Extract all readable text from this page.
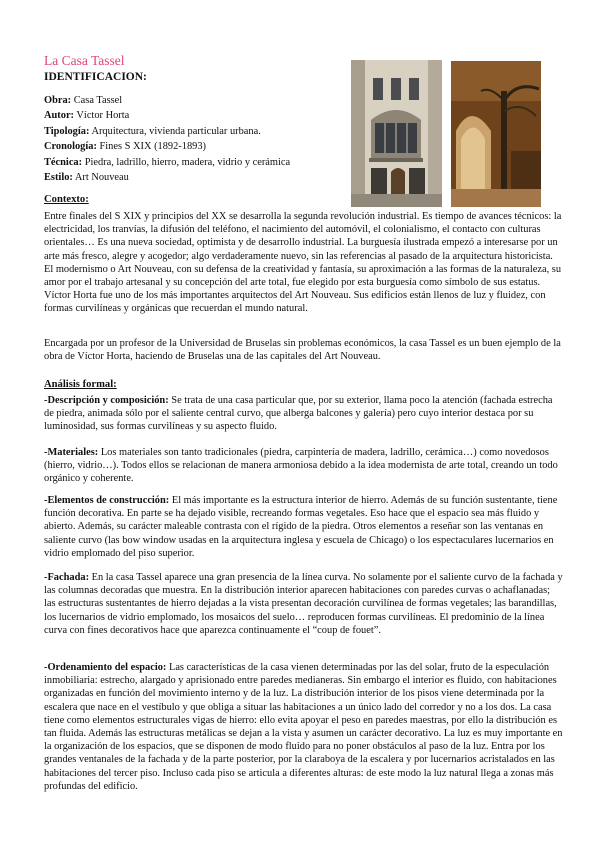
La Casa Tassel
IDENTIFICACION:
Obra: Casa Tassel
Autor: Víctor Horta
Tipología: Arquitectura, vivienda particular urbana.
Cronología: Fines S XIX (1892-1893)
Técnica: Piedra, ladrillo, hierro, madera, vidrio y cerámica
Estilo: Art Nouveau
Contexto:
Entre finales del S XIX y principios del XX se desarrolla la segunda revolución industrial. Es tiempo de avances técnicos: la electricidad, los tranvías, la difusión del teléfono, el nacimiento del automóvil, el colonialismo, el contacto con culturas orientales… Es una nueva sociedad, optimista y de desarrollo industrial. La burguesía ilustrada empezó a interesarse por un arte más fresco, alegre y acogedor; algo verdaderamente nuevo, sin las referencias al pasado de la arquitectura historicista. El modernismo o Art Nouveau, con su defensa de la creatividad y fantasía, su aproximación a las formas de la naturaleza, su amor por el trabajo artesanal y su concepción del arte total, fue elegido por esta burguesía como símbolo de sus estatus. Víctor Horta fue uno de los más importantes arquitectos del Art Nouveau. Sus edificios están llenos de luz y fluidez, con formas curvilíneas y orgánicas que recuerdan el mundo natural.
Encargada por un profesor de la Universidad de Bruselas sin problemas económicos, la casa Tassel es un buen ejemplo de la obra de Víctor Horta, haciendo de Bruselas una de las capitales del Art Nouveau.
Análisis formal:
-Descripción y composición: Se trata de una casa particular que, por su exterior, llama poco la atención (fachada estrecha de piedra, animada sólo por el saliente central curvo, que alberga balcones y galería) pero cuyo interior destaca por su luminosidad, sus formas curvilíneas y su aspecto fluido.
-Materiales: Los materiales son tanto tradicionales (piedra, carpintería de madera, ladrillo, cerámica…) como novedosos (hierro, vidrio…). Todos ellos se relacionan de manera armoniosa debido a la idea modernista de arte total, creando un todo orgánico y coherente.
-Elementos de construcción: El más importante es la estructura interior de hierro. Además de su función sustentante, tiene función decorativa. En parte se ha dejado visible, recreando formas vegetales. Eso hace que el espacio sea más fluido y abierto. Además, su carácter maleable contrasta con el rígido de la piedra. Otros elementos a reseñar son las ventanas en saliente curvo (las bow window usadas en la arquitectura inglesa y escuela de Chicago) o los espectaculares lucernarios en vidrio emplomado del piso superior.
-Fachada: En la casa Tassel aparece una gran presencia de la línea curva. No solamente por el saliente curvo de la fachada y las columnas decoradas que muestra. En la distribución interior aparecen habitaciones con paredes curvas o achaflanadas; las estructuras sustentantes de hierro dejadas a la vista presentan decoración curvilínea de formas vegetales; las barandillas, los lucernarios de vidrio emplomado, los mosaicos del suelo… reproducen formas curvilíneas. El predominio de la línea curva con fines decorativos hace que aparezca continuamente el “coup de fouet”.
-Ordenamiento del espacio: Las características de la casa vienen determinadas por las del solar, fruto de la especulación inmobiliaria: estrecho, alargado y aprisionado entre paredes medianeras. Sin embargo el interior es fluido, con habitaciones organizadas en función del movimiento interno y de la luz. La distribución interior de los pisos viene determinada por la escalera que nace en el vestíbulo y que obliga a situar las habitaciones a un único lado del corredor y no a los dos. La casa tiene como elementos estructurales vigas de hierro: ello evita apoyar el peso en paredes maestras, por ello la distribución es tan fluida. Además las estructuras metálicas se dejan a la vista y asumen un carácter decorativo. La luz es muy importante en la organización de los espacios, que se disponen de modo fluido para no poner obstáculos al paso de la luz. Entra por los grandes ventanales de la fachada y de la parte posterior, por la claraboya de la escalera y por lucernarios acristalados en las habitaciones del tercer piso. Incluso cada piso se articula a diferentes alturas: de este modo la luz natural llega a zonas más profundas del edificio.
